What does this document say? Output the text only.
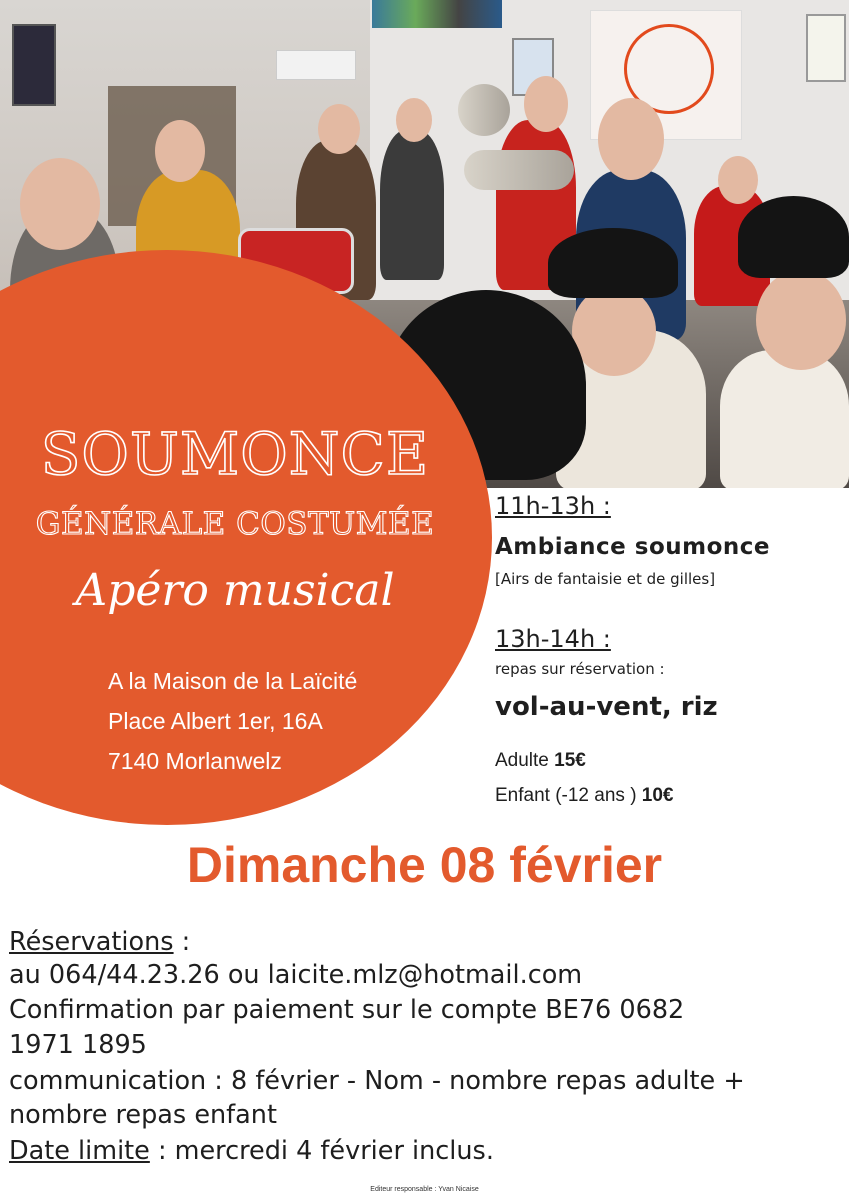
SOUMONCE
GÉNÉRALE COSTUMÉE
Apéro musical
A la Maison de la Laïcité
Place Albert 1er, 16A
7140 Morlanwelz
11h-13h :
Ambiance soumonce
[Airs de fantaisie et de gilles]
13h-14h :
repas sur réservation :
vol-au-vent, riz
Adulte 15€
Enfant (-12 ans ) 10€
Dimanche 08 février
Réservations :
au 064/44.23.26 ou laicite.mlz@hotmail.com
Confirmation par paiement sur le compte BE76 0682
1971 1895
communication : 8 février - Nom - nombre repas adulte +
nombre repas enfant
Date limite : mercredi 4 février inclus.
Editeur responsable : Yvan Nicaise
